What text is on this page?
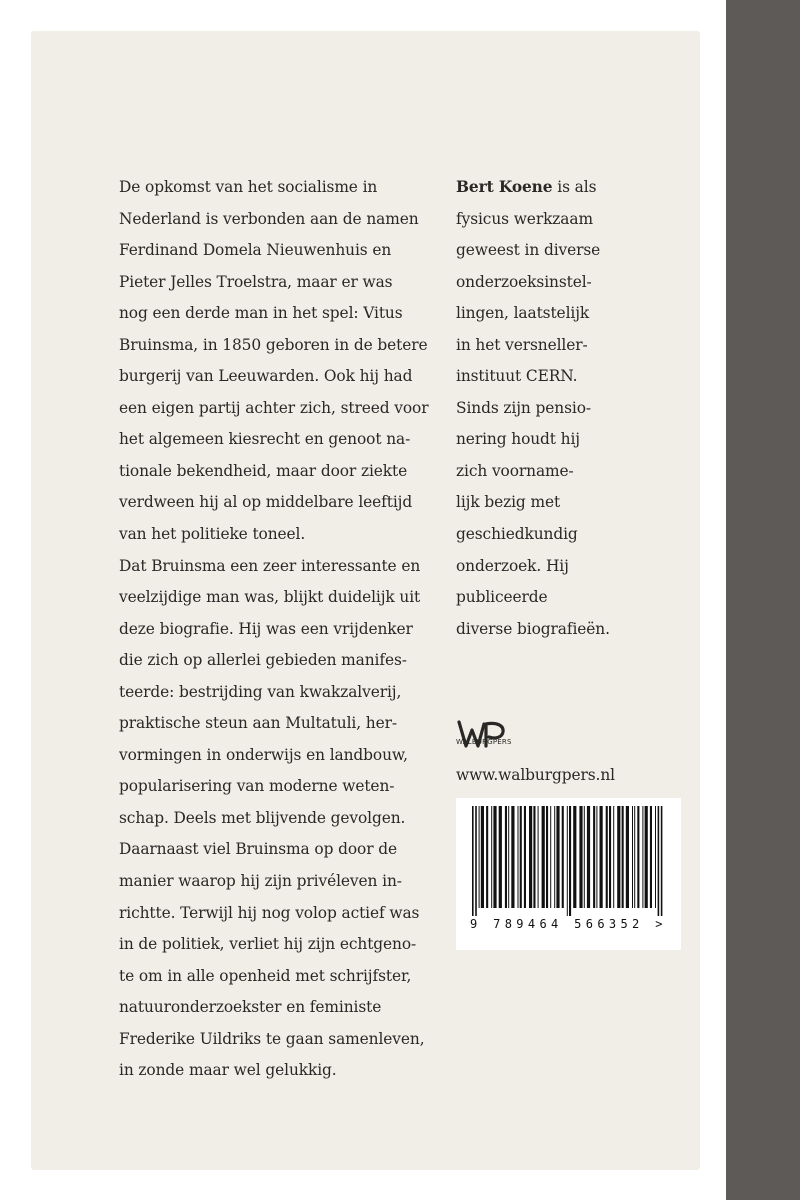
De opkomst van het socialisme in
Nederland is verbonden aan de namen
Ferdinand Domela Nieuwenhuis en
Pieter Jelles Troelstra, maar er was
nog een derde man in het spel: Vitus
Bruinsma, in 1850 geboren in de betere
burgerij van Leeuwarden. Ook hij had
een eigen partij achter zich, streed voor
het algemeen kiesrecht en genoot na-
tionale bekendheid, maar door ziekte
verdween hij al op middelbare leeftijd
van het politieke toneel.
Dat Bruinsma een zeer interessante en
veelzijdige man was, blijkt duidelijk uit
deze biografie. Hij was een vrijdenker
die zich op allerlei gebieden manifes-
teerde: bestrijding van kwakzalverij,
praktische steun aan Multatuli, her-
vormingen in onderwijs en landbouw,
popularisering van moderne weten-
schap. Deels met blijvende gevolgen.
Daarnaast viel Bruinsma op door de
manier waarop hij zijn privéleven in-
richtte. Terwijl hij nog volop actief was
in de politiek, verliet hij zijn echtgeno-
te om in alle openheid met schrijfster,
natuuronderzoekster en feministe
Frederike Uildriks te gaan samenleven,
in zonde maar wel gelukkig.
Bert Koene is als
fysicus werkzaam
geweest in diverse
onderzoeksinstel-
lingen, laatstelijk
in het versneller-
instituut CERN.
Sinds zijn pensio-
nering houdt hij
zich voorname-
lijk bezig met
geschiedkundig
onderzoek. Hij
publiceerde
diverse biografieën.
WALBURGPERS
www.walburgpers.nl
9 789464 566352 >
